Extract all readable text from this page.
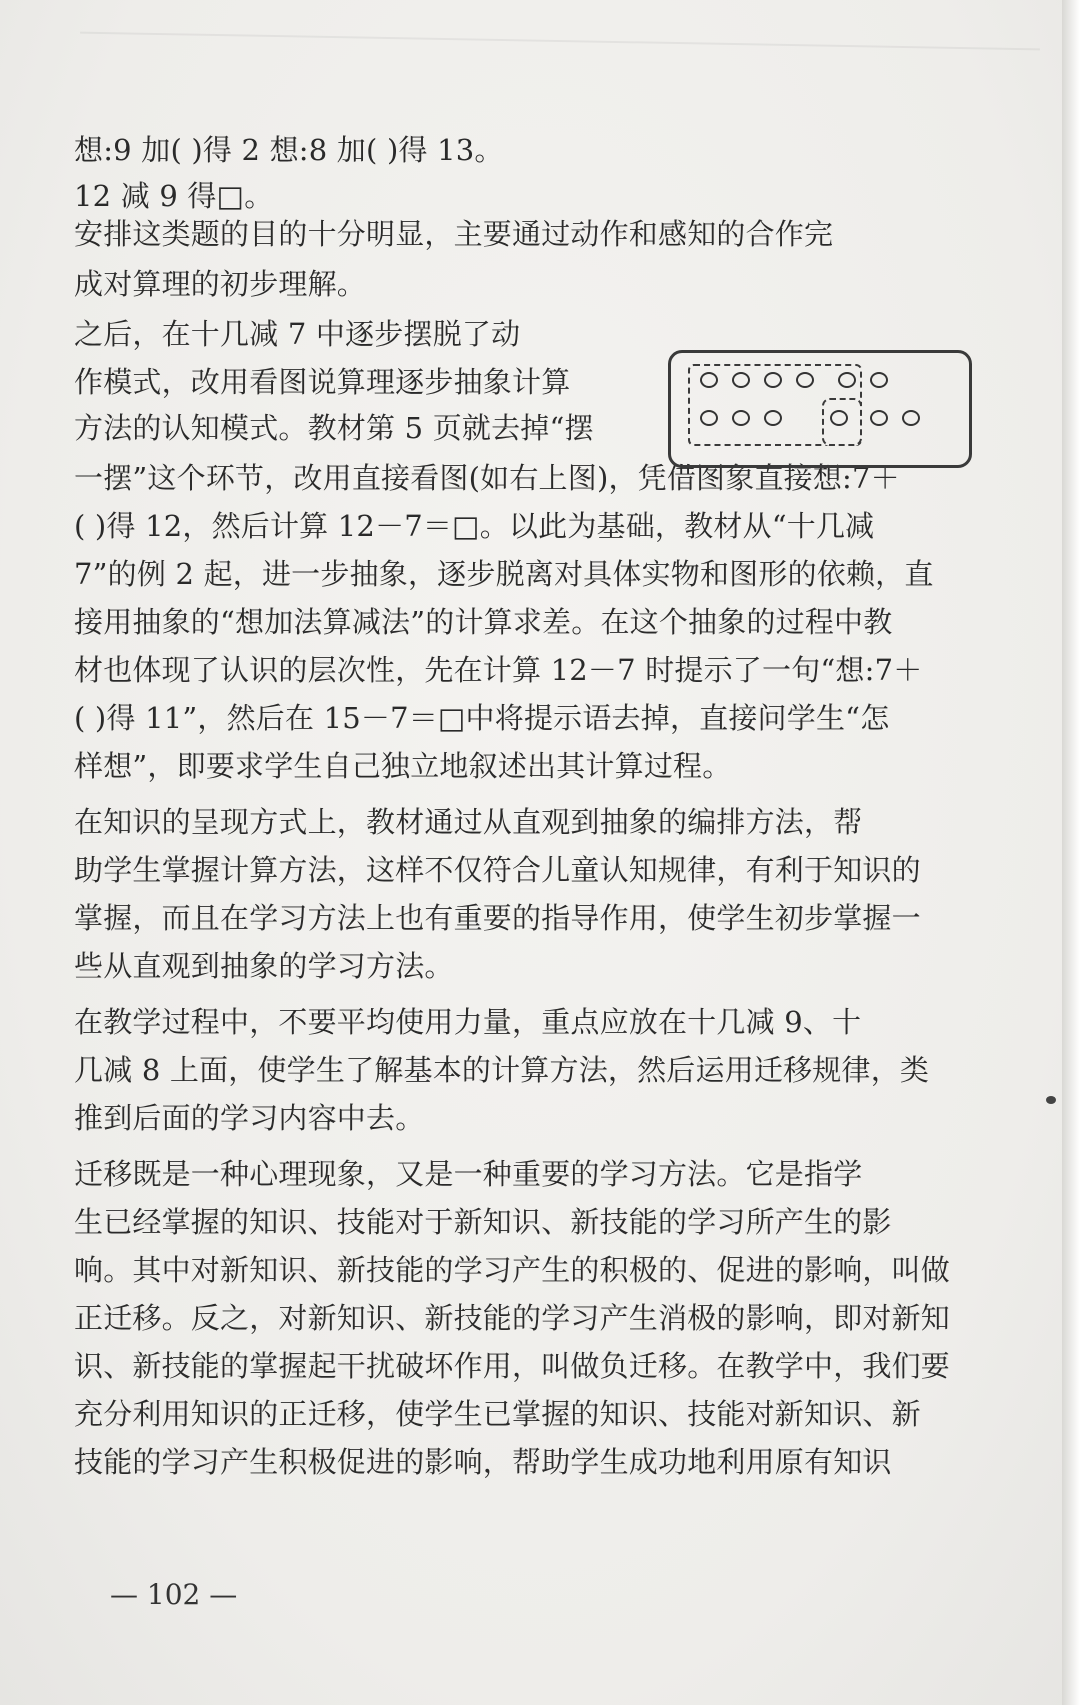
想:9 加( )得 2 想:8 加( )得 13。
12 减 9 得□。
安排这类题的目的十分明显，主要通过动作和感知的合作完
成对算理的初步理解。
之后，在十几减 7 中逐步摆脱了动
作模式，改用看图说算理逐步抽象计算
方法的认知模式。教材第 5 页就去掉“摆
一摆”这个环节，改用直接看图(如右上图)，凭借图象直接想:7＋
( )得 12，然后计算 12－7＝□。以此为基础，教材从“十几减
7”的例 2 起，进一步抽象，逐步脱离对具体实物和图形的依赖，直
接用抽象的“想加法算减法”的计算求差。在这个抽象的过程中教
材也体现了认识的层次性，先在计算 12－7 时提示了一句“想:7＋
( )得 11”，然后在 15－7＝□中将提示语去掉，直接问学生“怎
样想”，即要求学生自己独立地叙述出其计算过程。
在知识的呈现方式上，教材通过从直观到抽象的编排方法，帮
助学生掌握计算方法，这样不仅符合儿童认知规律，有利于知识的
掌握，而且在学习方法上也有重要的指导作用，使学生初步掌握一
些从直观到抽象的学习方法。
在教学过程中，不要平均使用力量，重点应放在十几减 9、十
几减 8 上面，使学生了解基本的计算方法，然后运用迁移规律，类
推到后面的学习内容中去。
迁移既是一种心理现象，又是一种重要的学习方法。它是指学
生已经掌握的知识、技能对于新知识、新技能的学习所产生的影
响。其中对新知识、新技能的学习产生的积极的、促进的影响，叫做
正迁移。反之，对新知识、新技能的学习产生消极的影响，即对新知
识、新技能的掌握起干扰破坏作用，叫做负迁移。在教学中，我们要
充分利用知识的正迁移，使学生已掌握的知识、技能对新知识、新
技能的学习产生积极促进的影响，帮助学生成功地利用原有知识
— 102 —
